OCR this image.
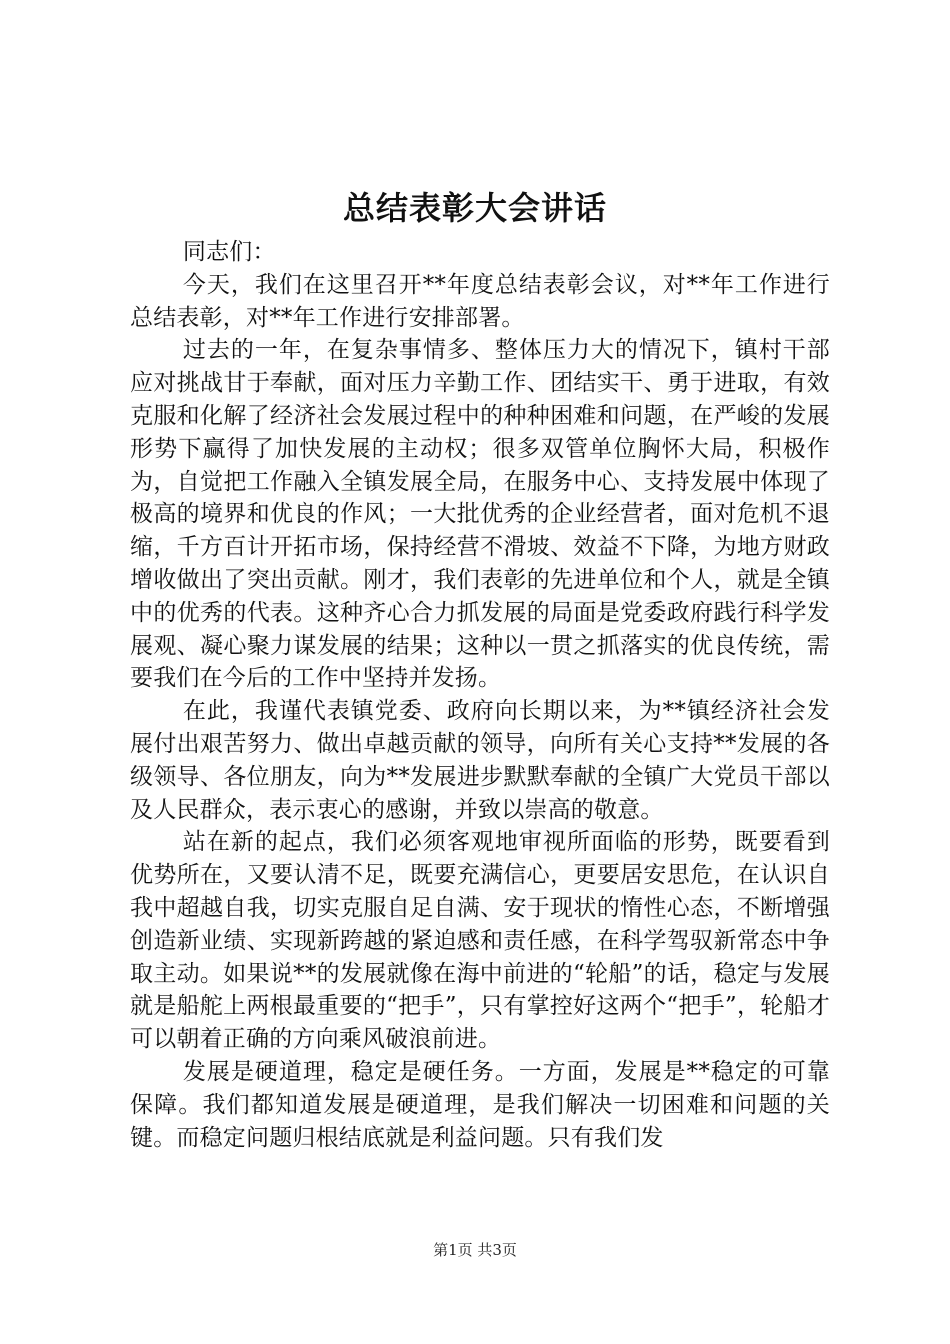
总结表彰大会讲话

同志们：

今天，我们在这里召开**年度总结表彰会议，对**年工作进行总结表彰，对**年工作进行安排部署。

过去的一年，在复杂事情多、整体压力大的情况下，镇村干部应对挑战甘于奉献，面对压力辛勤工作、团结实干、勇于进取，有效克服和化解了经济社会发展过程中的种种困难和问题，在严峻的发展形势下赢得了加快发展的主动权；很多双管单位胸怀大局，积极作为，自觉把工作融入全镇发展全局，在服务中心、支持发展中体现了极高的境界和优良的作风；一大批优秀的企业经营者，面对危机不退缩，千方百计开拓市场，保持经营不滑坡、效益不下降，为地方财政增收做出了突出贡献。刚才，我们表彰的先进单位和个人，就是全镇中的优秀的代表。这种齐心合力抓发展的局面是党委政府践行科学发展观、凝心聚力谋发展的结果；这种以一贯之抓落实的优良传统，需要我们在今后的工作中坚持并发扬。

在此，我谨代表镇党委、政府向长期以来，为**镇经济社会发展付出艰苦努力、做出卓越贡献的领导，向所有关心支持**发展的各级领导、各位朋友，向为**发展进步默默奉献的全镇广大党员干部以及人民群众，表示衷心的感谢，并致以崇高的敬意。

站在新的起点，我们必须客观地审视所面临的形势，既要看到优势所在，又要认清不足，既要充满信心，更要居安思危，在认识自我中超越自我，切实克服自足自满、安于现状的惰性心态，不断增强创造新业绩、实现新跨越的紧迫感和责任感，在科学驾驭新常态中争取主动。如果说**的发展就像在海中前进的“轮船”的话，稳定与发展就是船舵上两根最重要的“把手”，只有掌控好这两个“把手”，轮船才可以朝着正确的方向乘风破浪前进。

发展是硬道理，稳定是硬任务。一方面，发展是**稳定的可靠保障。我们都知道发展是硬道理，是我们解决一切困难和问题的关键。而稳定问题归根结底就是利益问题。只有我们发

第1页 共3页
